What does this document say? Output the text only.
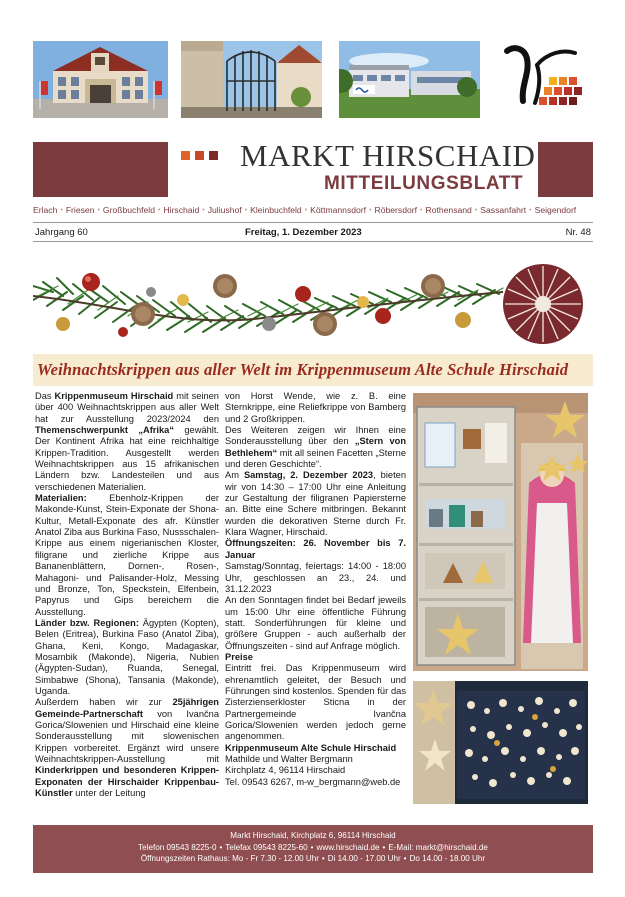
MARKT HIRSCHAID
MITTEILUNGSBLATT
Erlach • Friesen • Großbuchfeld • Hirschaid • Juliushof • Kleinbuchfeld • Köttmannsdorf • Röbersdorf • Rothensand • Sassanfahrt • Seigendorf
Jahrgang 60	Freitag, 1. Dezember 2023	Nr. 48
Weihnachtskrippen aus aller Welt im Krippenmuseum Alte Schule Hirschaid

Das Krippenmuseum Hirschaid mit seinen über 400 Weihnachtskrippen aus aller Welt hat zur Ausstellung 2023/2024 den Themenschwerpunkt „Afrika“ gewählt. Der Kontinent Afrika hat eine reichhaltige Krippen-Tradition. Ausgestellt werden Weihnachtskrippen aus 15 afrikanischen Ländern bzw. Landesteilen und aus verschiedenen Materialien.

Materialien: Ebenholz-Krippen der Makonde-Kunst, Stein-Exponate der Shona-Kultur, Metall-Exponate des afr. Künstler Anatol Ziba aus Burkina Faso, Nussschalen-Krippe aus einem nigerianischen Kloster, filigrane und zierliche Krippe aus Bananenblättern, Dornen-, Rosen-, Mahagoni- und Palisander-Holz, Messing und Bronze, Ton, Speckstein, Elfenbein, Papyrus und Gips bereichern die Ausstellung.

Länder bzw. Regionen: Ägypten (Kopten), Belen (Eritrea), Burkina Faso (Anatol Ziba), Ghana, Keni, Kongo, Madagaskar, Mosambik (Makonde), Nigeria, Nubien (Ägypten-Sudan), Ruanda, Senegal, Simbabwe (Shona), Tansania (Makonde), Uganda.

Außerdem haben wir zur 25jährigen Gemeinde-Partnerschaft von Ivančna Gorica/Slowenien und Hirschaid eine kleine Sonderausstellung mit slowenischen Krippen vorbereitet. Ergänzt wird unsere Weihnachtskrippen-Ausstellung mit Kinderkrippen und besonderen Krippen-Exponaten der Hirschaider Krippenbau-Künstler unter der Leitung

von Horst Wende, wie z. B. eine Sternkrippe, eine Reliefkrippe von Bamberg und 2 Großkrippen.

Des Weiteren zeigen wir Ihnen eine Sonderausstellung über den „Stern von Bethlehem“ mit all seinen Facetten „Sterne und deren Geschichte“.

Am Samstag, 2. Dezember 2023, bieten wir von 14:30 – 17:00 Uhr eine Anleitung zur Gestaltung der filigranen Papiersterne an. Bitte eine Schere mitbringen. Bekannt wurden die dekorativen Sterne durch Fr. Klara Wagner, Hirschaid.

Öffnungszeiten: 26. November bis 7. Januar

Samstag/Sonntag, feiertags: 14:00 - 18:00 Uhr, geschlossen an 23., 24. und 31.12.2023

An den Sonntagen findet bei Bedarf jeweils um 15:00 Uhr eine öffentliche Führung statt. Sonderführungen für kleine und größere Gruppen - auch außerhalb der Öffnungszeiten - sind auf Anfrage möglich.

Preise

Eintritt frei. Das Krippenmuseum wird ehrenamtlich geleitet, der Besuch und Führungen sind kostenlos. Spenden für das Zisterzienserkloster Sticna in der Partnergemeinde Ivančna Gorica/Slowenien werden jedoch gerne angenommen.

Krippenmuseum Alte Schule Hirschaid

Mathilde und Walter Bergmann

Kirchplatz 4, 96114 Hirschaid

Tel. 09543 6267, m-w_bergmann@web.de

Markt Hirschaid, Kirchplatz 6, 96114 Hirschaid
Telefon 09543 8225-0 • Telefax 09543 8225-60 • www.hirschaid.de • E-Mail: markt@hirschaid.de
Öffnungszeiten Rathaus: Mo - Fr 7.30 - 12.00 Uhr • Di 14.00 - 17.00 Uhr • Do 14.00 - 18.00 Uhr
